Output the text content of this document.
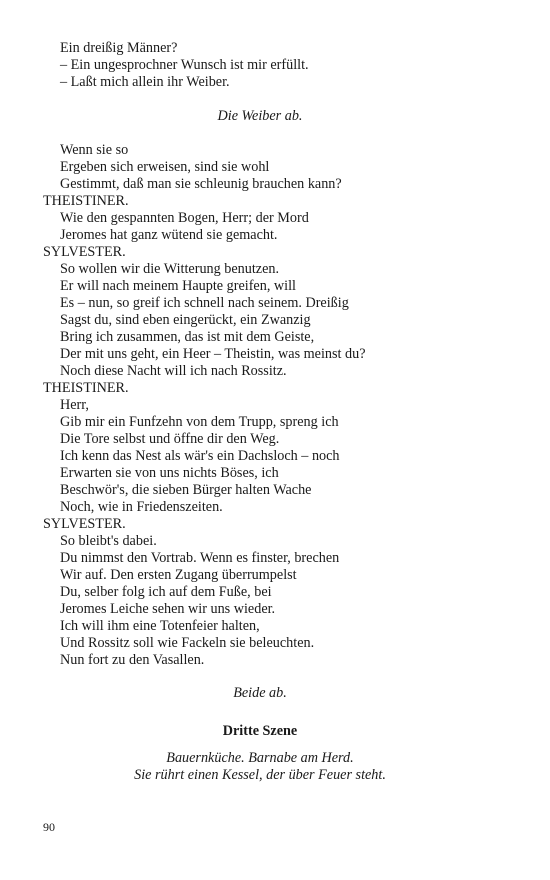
Ein dreißig Männer?
– Ein ungesprochner Wunsch ist mir erfüllt.
– Laßt mich allein ihr Weiber.
Die Weiber ab.
Wenn sie so
Ergeben sich erweisen, sind sie wohl
Gestimmt, daß man sie schleunig brauchen kann?
THEISTINER.
Wie den gespannten Bogen, Herr; der Mord
Jeromes hat ganz wütend sie gemacht.
SYLVESTER.
So wollen wir die Witterung benutzen.
Er will nach meinem Haupte greifen, will
Es – nun, so greif ich schnell nach seinem. Dreißig
Sagst du, sind eben eingerückt, ein Zwanzig
Bring ich zusammen, das ist mit dem Geiste,
Der mit uns geht, ein Heer – Theistin, was meinst du?
Noch diese Nacht will ich nach Rossitz.
THEISTINER.
Herr,
Gib mir ein Funfzehn von dem Trupp, spreng ich
Die Tore selbst und öffne dir den Weg.
Ich kenn das Nest als wär's ein Dachsloch – noch
Erwarten sie von uns nichts Böses, ich
Beschwör's, die sieben Bürger halten Wache
Noch, wie in Friedenszeiten.
SYLVESTER.
So bleibt's dabei.
Du nimmst den Vortrab. Wenn es finster, brechen
Wir auf. Den ersten Zugang überrumpelst
Du, selber folg ich auf dem Fuße, bei
Jeromes Leiche sehen wir uns wieder.
Ich will ihm eine Totenfeier halten,
Und Rossitz soll wie Fackeln sie beleuchten.
Nun fort zu den Vasallen.
Beide ab.
Dritte Szene
Bauernküche. Barnabe am Herd.
Sie rührt einen Kessel, der über Feuer steht.
90
